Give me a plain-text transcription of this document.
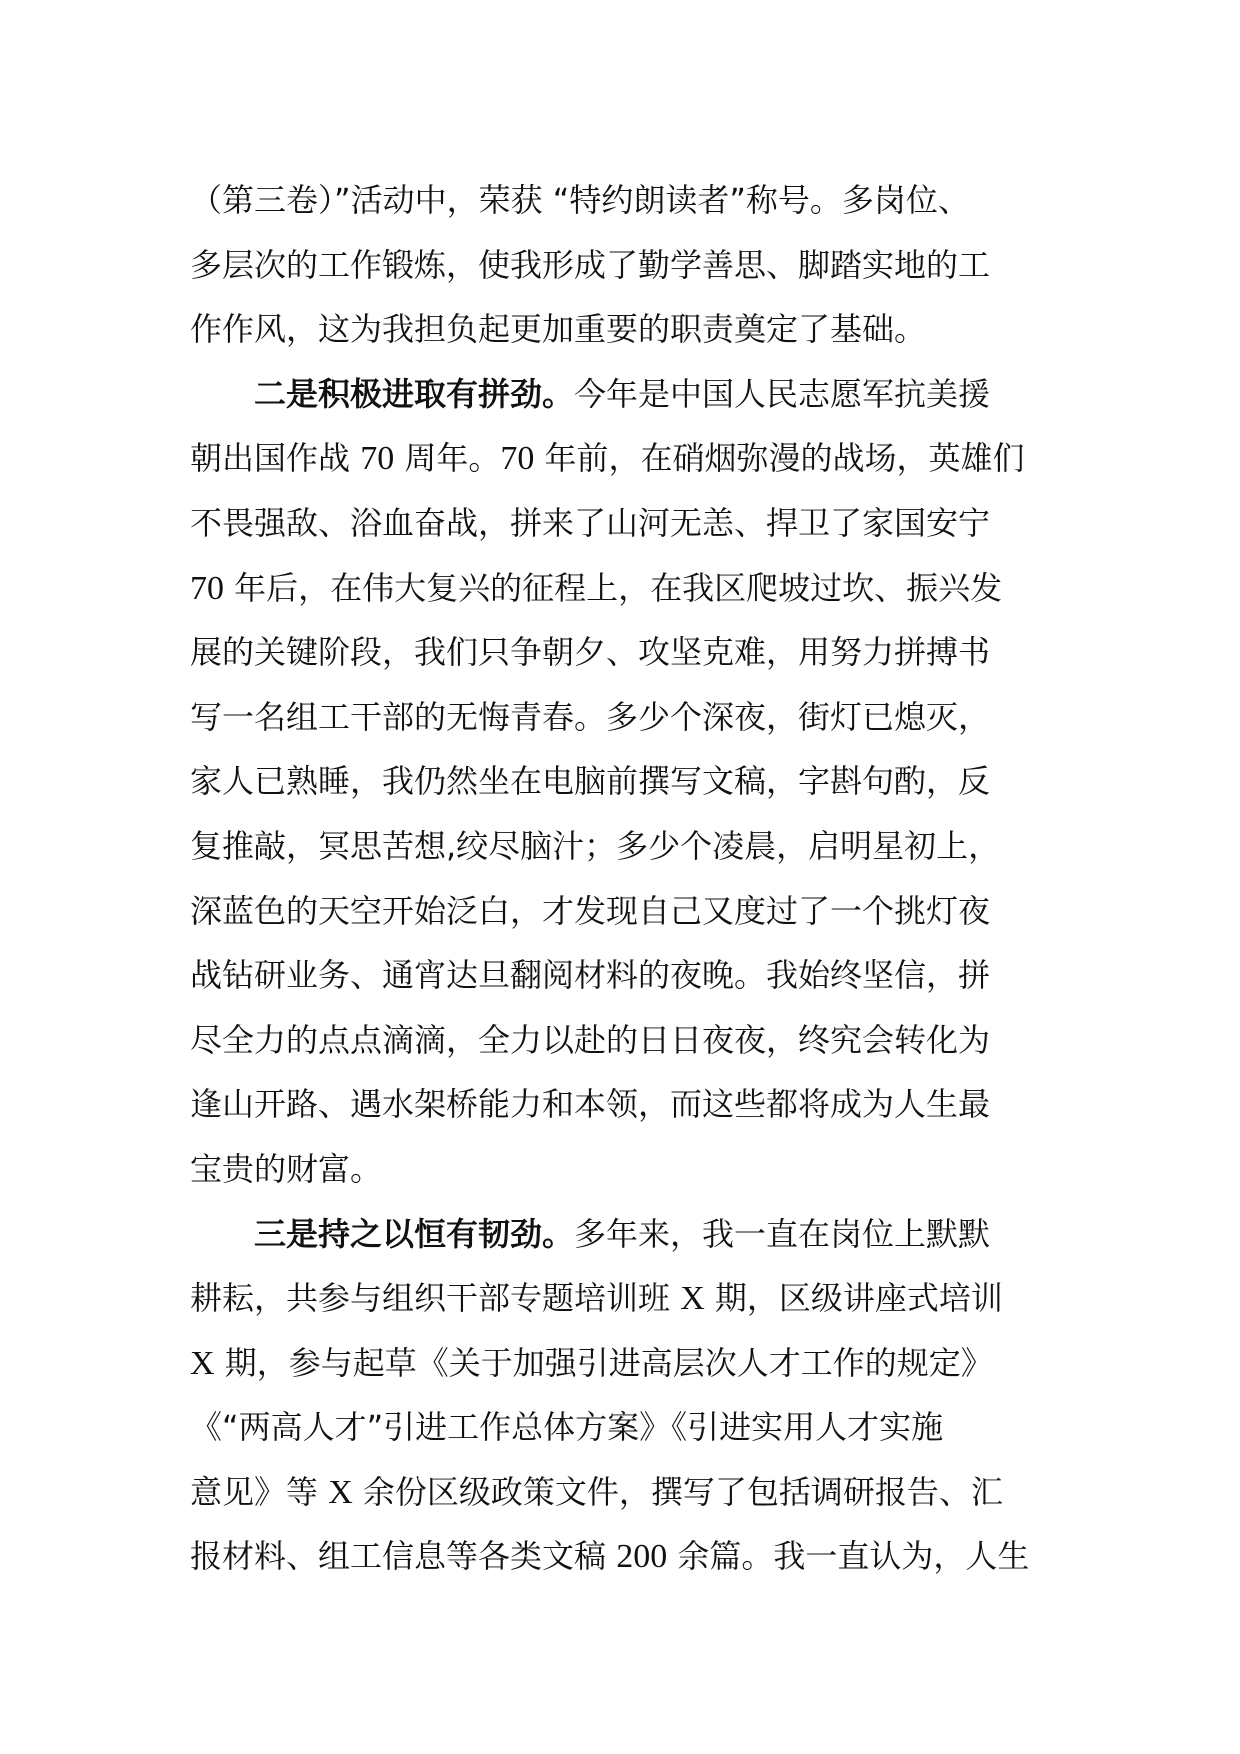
（第三卷）”活动中，荣获 “特约朗读者”称号。多岗位、
多层次的工作锻炼，使我形成了勤学善思、脚踏实地的工
作作风，这为我担负起更加重要的职责奠定了基础。
二是积极进取有拼劲。今年是中国人民志愿军抗美援
朝出国作战 70 周年。70 年前，在硝烟弥漫的战场，英雄们
不畏强敌、浴血奋战，拼来了山河无恙、捍卫了家国安宁
70 年后，在伟大复兴的征程上，在我区爬坡过坎、振兴发
展的关键阶段，我们只争朝夕、攻坚克难，用努力拼搏书
写一名组工干部的无悔青春。多少个深夜，街灯已熄灭，
家人已熟睡，我仍然坐在电脑前撰写文稿，字斟句酌，反
复推敲，冥思苦想,绞尽脑汁；多少个凌晨，启明星初上，
深蓝色的天空开始泛白，才发现自己又度过了一个挑灯夜
战钻研业务、通宵达旦翻阅材料的夜晚。我始终坚信，拼
尽全力的点点滴滴，全力以赴的日日夜夜，终究会转化为
逢山开路、遇水架桥能力和本领，而这些都将成为人生最
宝贵的财富。
三是持之以恒有韧劲。多年来，我一直在岗位上默默
耕耘，共参与组织干部专题培训班 X 期，区级讲座式培训
X 期，参与起草《关于加强引进高层次人才工作的规定》
《“两高人才”引进工作总体方案》《引进实用人才实施
意见》等 X 余份区级政策文件，撰写了包括调研报告、汇
报材料、组工信息等各类文稿 200 余篇。我一直认为，人生
